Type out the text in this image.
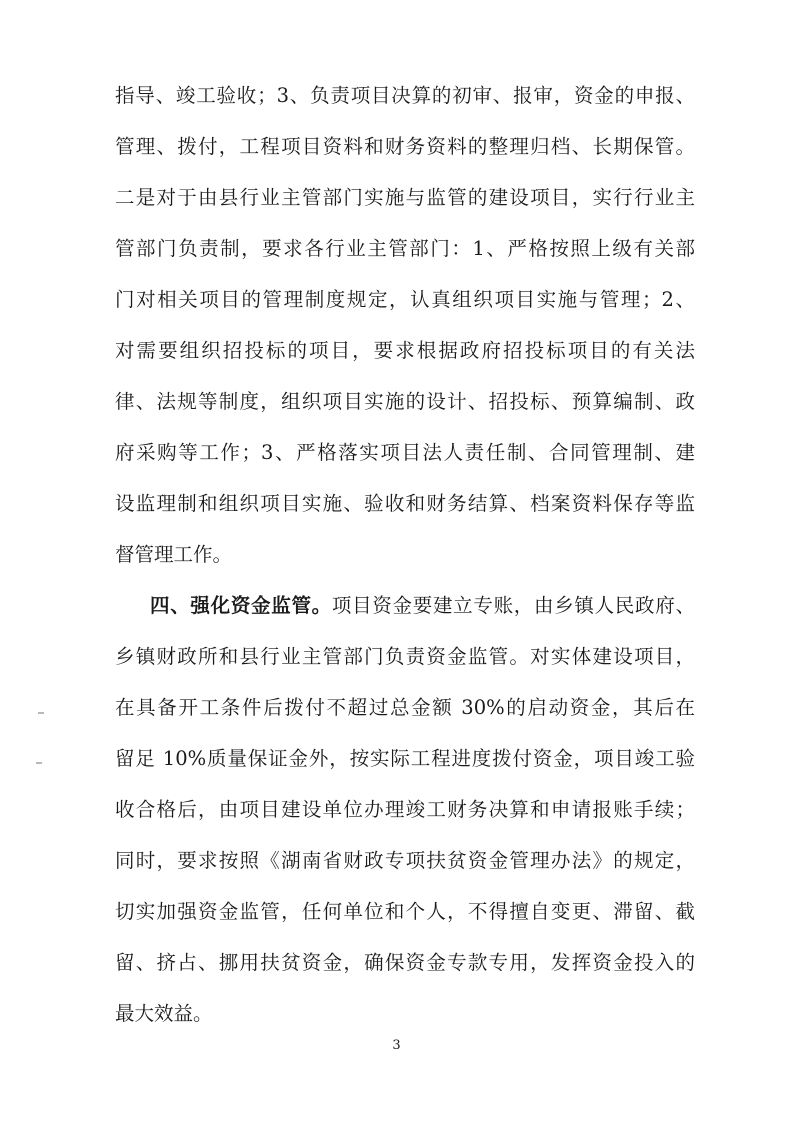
指导、竣工验收；3、负责项目决算的初审、报审，资金的申报、
管理、拨付，工程项目资料和财务资料的整理归档、长期保管。
二是对于由县行业主管部门实施与监管的建设项目，实行行业主
管部门负责制，要求各行业主管部门：1、严格按照上级有关部
门对相关项目的管理制度规定，认真组织项目实施与管理；2、
对需要组织招投标的项目，要求根据政府招投标项目的有关法
律、法规等制度，组织项目实施的设计、招投标、预算编制、政
府采购等工作；3、严格落实项目法人责任制、合同管理制、建
设监理制和组织项目实施、验收和财务结算、档案资料保存等监
督管理工作。
四、强化资金监管。项目资金要建立专账，由乡镇人民政府、
乡镇财政所和县行业主管部门负责资金监管。对实体建设项目，
在具备开工条件后拨付不超过总金额 30%的启动资金，其后在
留足 10%质量保证金外，按实际工程进度拨付资金，项目竣工验
收合格后，由项目建设单位办理竣工财务决算和申请报账手续；
同时，要求按照《湖南省财政专项扶贫资金管理办法》的规定，
切实加强资金监管，任何单位和个人，不得擅自变更、滞留、截
留、挤占、挪用扶贫资金，确保资金专款专用，发挥资金投入的
最大效益。
3
